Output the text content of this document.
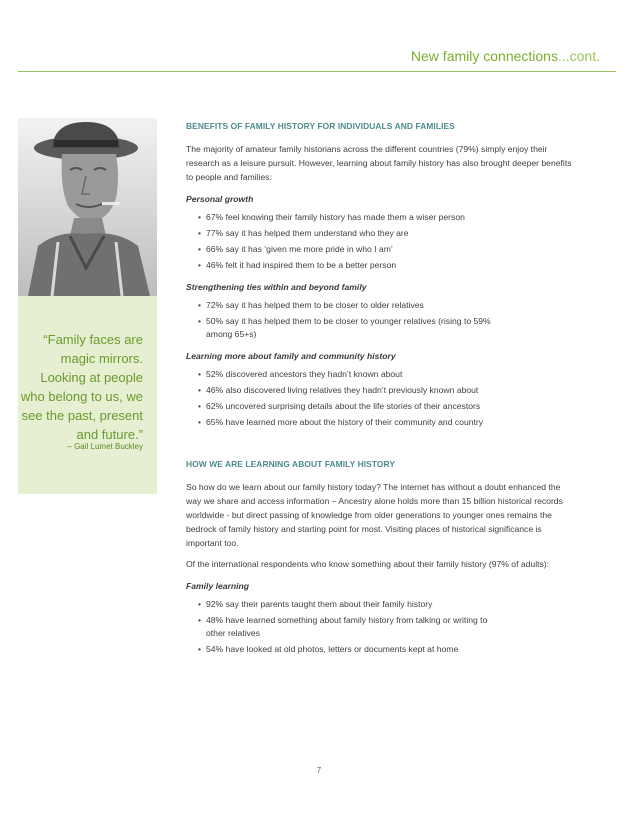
New family connections...cont.
“Family faces are magic mirrors. Looking at people who belong to us, we see the past, present and future.”
– Gail Lumet Buckley
BENEFITS OF FAMILY HISTORY FOR INDIVIDUALS AND FAMILIES

The majority of amateur family historians across the different countries (79%) simply enjoy their research as a leisure pursuit. However, learning about family history has also brought deeper benefits to people and families:

Personal growth
• 67% feel knowing their family history has made them a wiser person
• 77% say it has helped them understand who they are
• 66% say it has ‘given me more pride in who I am’
• 46% felt it had inspired them to be a better person
Strengthening ties within and beyond family
• 72% say it has helped them to be closer to older relatives
• 50% say it has helped them to be closer to younger relatives (rising to 59% among 65+s)
Learning more about family and community history
• 52% discovered ancestors they hadn’t known about
• 46% also discovered living relatives they hadn’t previously known about
• 62% uncovered surprising details about the life stories of their ancestors
• 65% have learned more about the history of their community and country
HOW WE ARE LEARNING ABOUT FAMILY HISTORY

So how do we learn about our family history today? The internet has without a doubt enhanced the way we share and access information – Ancestry alone holds more than 15 billion historical records worldwide - but direct passing of knowledge from older generations to younger ones remains the bedrock of family history and starting point for most. Visiting places of historical significance is important too.

Of the international respondents who know something about their family history (97% of adults):

Family learning
• 92% say their parents taught them about their family history
• 48% have learned something about family history from talking or writing to other relatives
• 54% have looked at old photos, letters or documents kept at home
7
